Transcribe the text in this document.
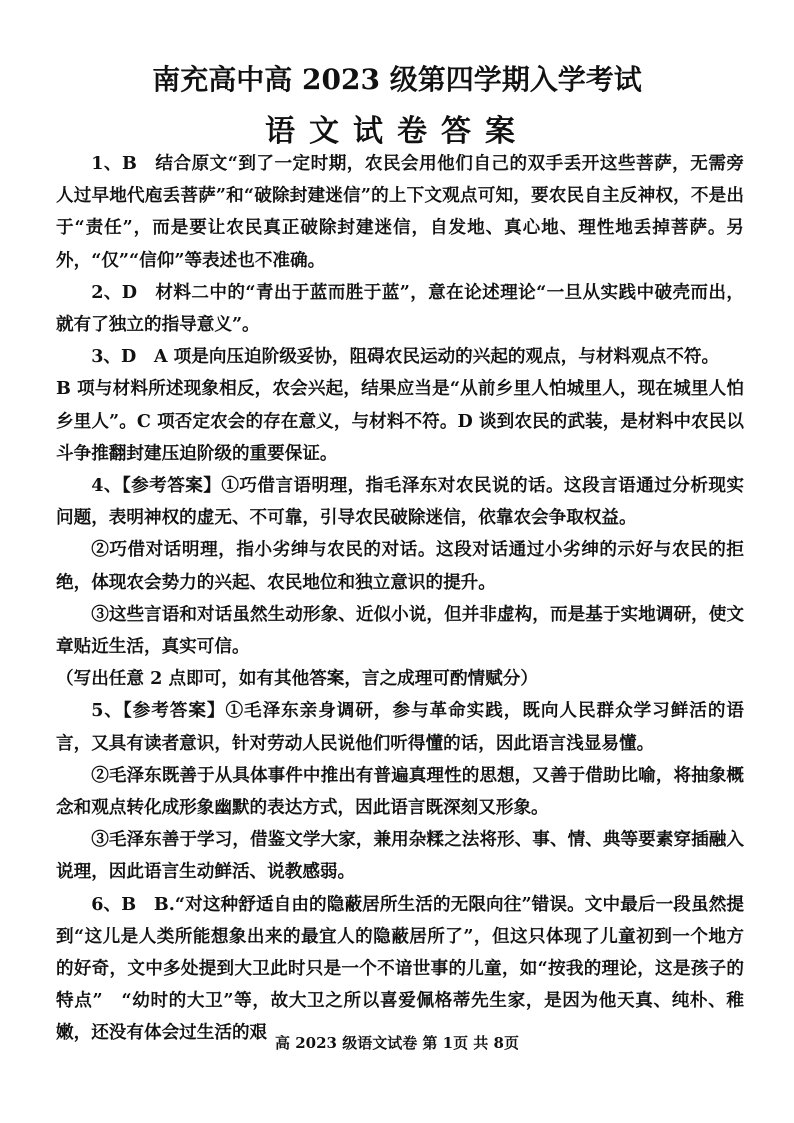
南充高中高 2023 级第四学期入学考试
语文试卷答案

1、B　结合原文“到了一定时期，农民会用他们自己的双手丢开这些菩萨，无需旁人过早地代庖丢菩萨”和“破除封建迷信”的上下文观点可知，要农民自主反神权，不是出于“责任”，而是要让农民真正破除封建迷信，自发地、真心地、理性地丢掉菩萨。另外，“仅”“信仰”等表述也不准确。

2、D　材料二中的“青出于蓝而胜于蓝”，意在论述理论“一旦从实践中破壳而出，就有了独立的指导意义”。

3、D　A 项是向压迫阶级妥协，阻碍农民运动的兴起的观点，与材料观点不符。

B 项与材料所述现象相反，农会兴起，结果应当是“从前乡里人怕城里人，现在城里人怕乡里人”。C 项否定农会的存在意义，与材料不符。D 谈到农民的武装，是材料中农民以斗争推翻封建压迫阶级的重要保证。

4、【参考答案】①巧借言语明理，指毛泽东对农民说的话。这段言语通过分析现实问题，表明神权的虚无、不可靠，引导农民破除迷信，依靠农会争取权益。

②巧借对话明理，指小劣绅与农民的对话。这段对话通过小劣绅的示好与农民的拒绝，体现农会势力的兴起、农民地位和独立意识的提升。

③这些言语和对话虽然生动形象、近似小说，但并非虚构，而是基于实地调研，使文章贴近生活，真实可信。

（写出任意 2 点即可，如有其他答案，言之成理可酌情赋分）

5、【参考答案】①毛泽东亲身调研，参与革命实践，既向人民群众学习鲜活的语言，又具有读者意识，针对劳动人民说他们听得懂的话，因此语言浅显易懂。

②毛泽东既善于从具体事件中推出有普遍真理性的思想，又善于借助比喻，将抽象概念和观点转化成形象幽默的表达方式，因此语言既深刻又形象。

③毛泽东善于学习，借鉴文学大家，兼用杂糅之法将形、事、情、典等要素穿插融入说理，因此语言生动鲜活、说教感弱。

6、B　B.“对这种舒适自由的隐蔽居所生活的无限向往”错误。文中最后一段虽然提到“这儿是人类所能想象出来的最宜人的隐蔽居所了”，但这只体现了儿童初到一个地方的好奇，文中多处提到大卫此时只是一个不谙世事的儿童，如“按我的理论，这是孩子的特点”　“幼时的大卫”等，故大卫之所以喜爱佩格蒂先生家，是因为他天真、纯朴、稚嫩，还没有体会过生活的艰 高 2023 级语文试卷 第 1页 共 8页
